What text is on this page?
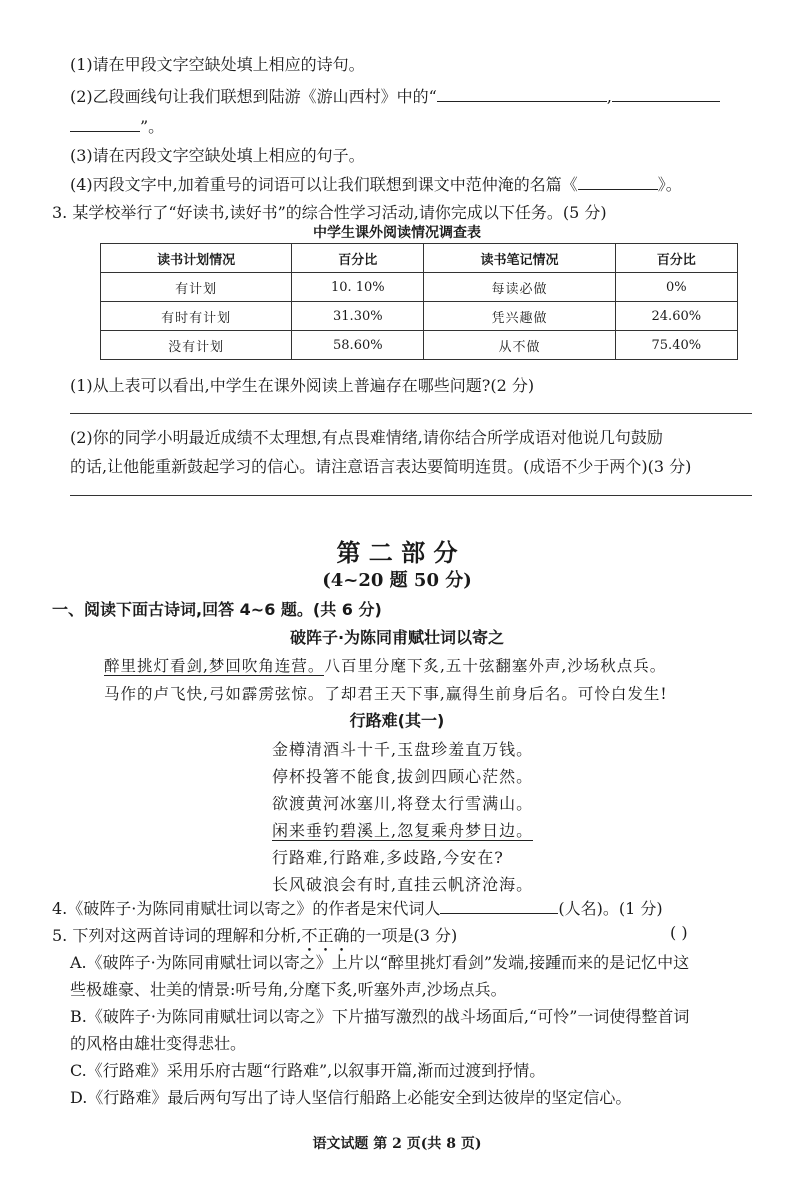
(1)请在甲段文字空缺处填上相应的诗句。
(2)乙段画线句让我们联想到陆游《游山西村》中的“	,
”。
(3)请在丙段文字空缺处填上相应的句子。
(4)丙段文字中,加着重号的词语可以让我们联想到课文中范仲淹的名篇《	》。
3. 某学校举行了“好读书,读好书”的综合性学习活动,请你完成以下任务。(5 分)
中学生课外阅读情况调查表
读书计划情况	百分比	读书笔记情况	百分比
有计划	10. 10%	每读必做	0%
有时有计划	31.30%	凭兴趣做	24.60%
没有计划	58.60%	从不做	75.40%
(1)从上表可以看出,中学生在课外阅读上普遍存在哪些问题?(2 分)
(2)你的同学小明最近成绩不太理想,有点畏难情绪,请你结合所学成语对他说几句鼓励
的话,让他能重新鼓起学习的信心。请注意语言表达要简明连贯。(成语不少于两个)(3 分)
第 二 部 分
(4~20 题 50 分)
一、阅读下面古诗词,回答 4~6 题。(共 6 分)
破阵子·为陈同甫赋壮词以寄之
醉里挑灯看剑,梦回吹角连营。八百里分麾下炙,五十弦翻塞外声,沙场秋点兵。
马作的卢飞快,弓如霹雳弦惊。了却君王天下事,赢得生前身后名。可怜白发生!
行路难(其一)
金樽清酒斗十千,玉盘珍羞直万钱。
停杯投箸不能食,拔剑四顾心茫然。
欲渡黄河冰塞川,将登太行雪满山。
闲来垂钓碧溪上,忽复乘舟梦日边。
行路难,行路难,多歧路,今安在?
长风破浪会有时,直挂云帆济沧海。
4.《破阵子·为陈同甫赋壮词以寄之》的作者是宋代词人	(人名)。(1 分)
5. 下列对这两首诗词的理解和分析,不正确的一项是(3 分)	( )
A.《破阵子·为陈同甫赋壮词以寄之》上片以“醉里挑灯看剑”发端,接踵而来的是记忆中这
些极雄豪、壮美的情景:听号角,分麾下炙,听塞外声,沙场点兵。
B.《破阵子·为陈同甫赋壮词以寄之》下片描写激烈的战斗场面后,“可怜”一词使得整首词
的风格由雄壮变得悲壮。
C.《行路难》采用乐府古题“行路难”,以叙事开篇,渐而过渡到抒情。
D.《行路难》最后两句写出了诗人坚信行船路上必能安全到达彼岸的坚定信心。
语文试题 第 2 页(共 8 页)
